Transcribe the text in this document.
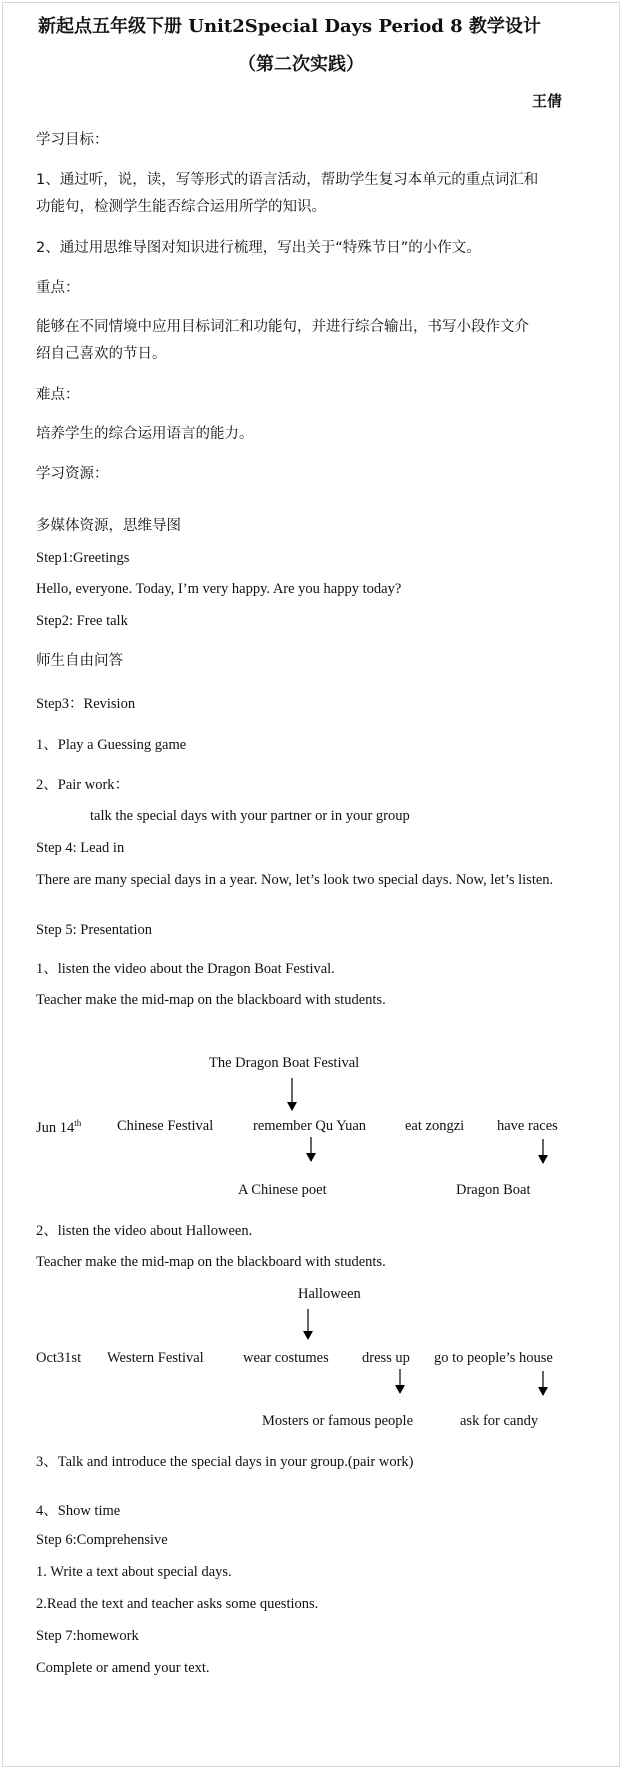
新起点五年级下册 Unit2Special Days Period 8 教学设计
（第二次实践）
王倩
学习目标：
1、通过听，说，读，写等形式的语言活动，帮助学生复习本单元的重点词汇和
功能句，检测学生能否综合运用所学的知识。
2、通过用思维导图对知识进行梳理，写出关于“特殊节日”的小作文。
重点：
能够在不同情境中应用目标词汇和功能句，并进行综合输出，书写小段作文介
绍自己喜欢的节日。
难点：
培养学生的综合运用语言的能力。
学习资源：
多媒体资源，思维导图
Step1:Greetings
Hello, everyone. Today, I’m very happy. Are you happy today?
Step2: Free talk
师生自由问答
Step3：Revision
1、Play a Guessing game
2、Pair work：
talk the special days with your partner or in your group
Step 4: Lead in
There are many special days in a year. Now, let’s look two special days. Now, let’s listen.
Step 5: Presentation
1、listen the video about the Dragon Boat Festival.
Teacher make the mid-map on the blackboard with students.
The Dragon Boat Festival
Jun 14th Chinese Festival	remember Qu Yuan	eat zongzi have races
A Chinese poet	Dragon Boat
2、listen the video about Halloween.
Teacher make the mid-map on the blackboard with students.
Halloween
Oct31st Western Festival	wear costumes dress up go to people’s house
Mosters or famous people	ask for candy
3、Talk and introduce the special days in your group.(pair work)
4、Show time
Step 6:Comprehensive
1. Write a text about special days.
2.Read the text and teacher asks some questions.
Step 7:homework
Complete or amend your text.
